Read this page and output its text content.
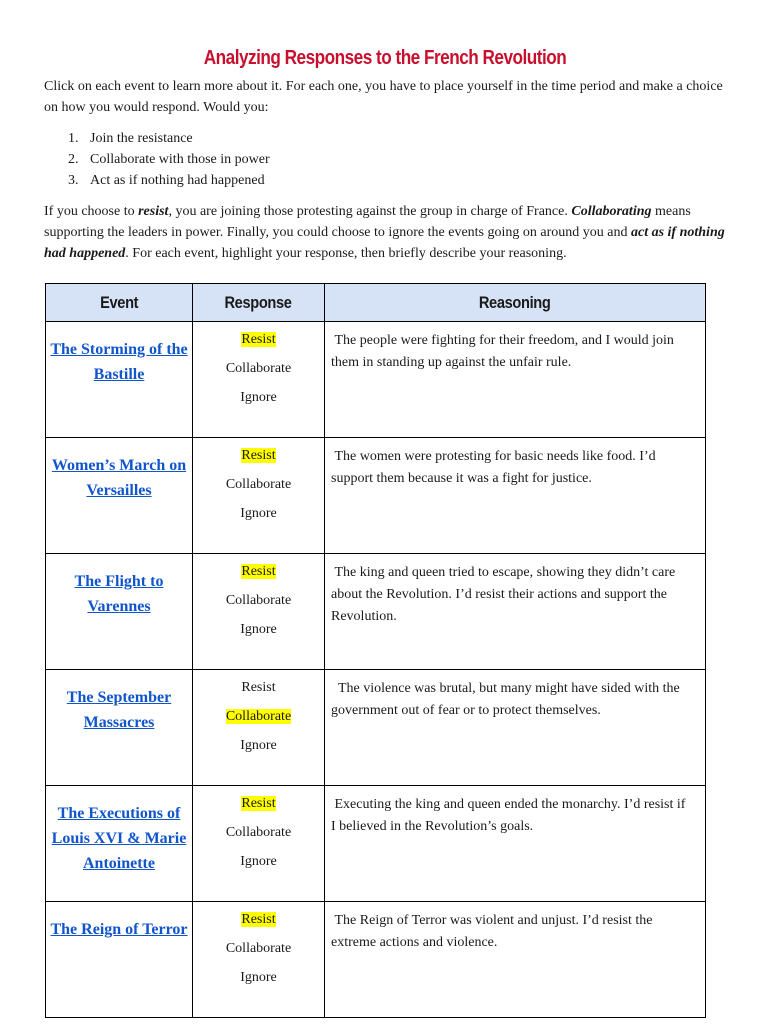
Analyzing Responses to the French Revolution

Click on each event to learn more about it. For each one, you have to place yourself in the time period and make a choice on how you would respond. Would you:

1. Join the resistance
2. Collaborate with those in power
3. Act as if nothing had happened

If you choose to resist, you are joining those protesting against the group in charge of France. Collaborating means supporting the leaders in power. Finally, you could choose to ignore the events going on around you and act as if nothing had happened. For each event, highlight your response, then briefly describe your reasoning.

Event	Response	Reasoning
The Storming of the Bastille	Resist
Collaborate
Ignore	The people were fighting for their freedom, and I would join them in standing up against the unfair rule.
Women’s March on Versailles	Resist
Collaborate
Ignore	The women were protesting for basic needs like food. I’d support them because it was a fight for justice.
The Flight to Varennes	Resist
Collaborate
Ignore	The king and queen tried to escape, showing they didn’t care about the Revolution. I’d resist their actions and support the Revolution.
The September Massacres	Resist
Collaborate
Ignore	The violence was brutal, but many might have sided with the government out of fear or to protect themselves.
The Executions of Louis XVI & Marie Antoinette	Resist
Collaborate
Ignore	Executing the king and queen ended the monarchy. I’d resist if I believed in the Revolution’s goals.
The Reign of Terror	Resist
Collaborate
Ignore	The Reign of Terror was violent and unjust. I’d resist the extreme actions and violence.
